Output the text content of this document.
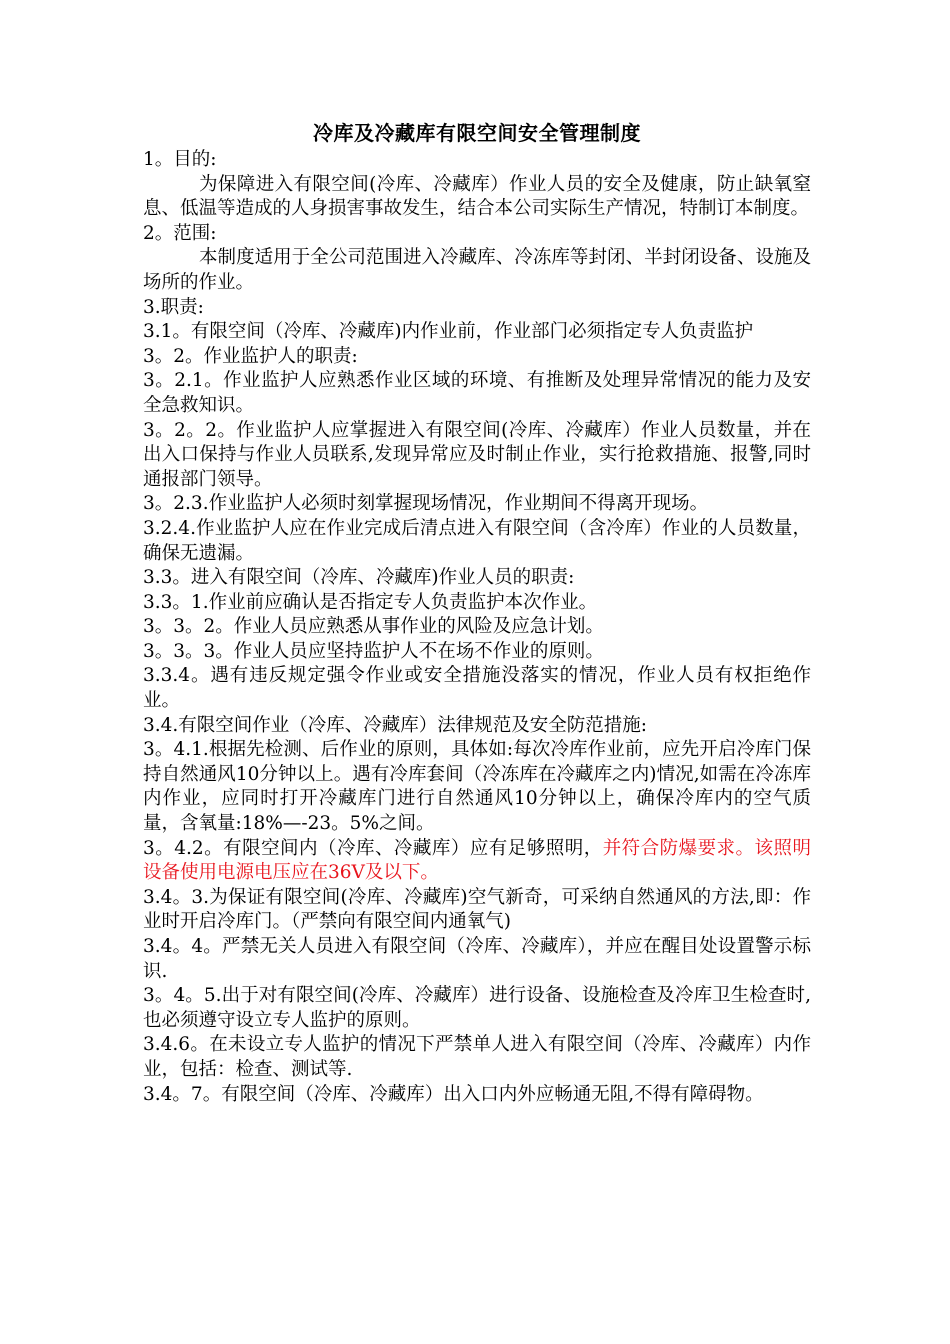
冷库及冷藏库有限空间安全管理制度

1。目的:

为保障进入有限空间(冷库、冷藏库）作业人员的安全及健康，防止缺氧窒息、低温等造成的人身损害事故发生，结合本公司实际生产情况，特制订本制度。

2。范围:

本制度适用于全公司范围进入冷藏库、冷冻库等封闭、半封闭设备、设施及场所的作业。

3.职责:

3.1。有限空间（冷库、冷藏库)内作业前，作业部门必须指定专人负责监护

3。2。作业监护人的职责:

3。2.1。作业监护人应熟悉作业区域的环境、有推断及处理异常情况的能力及安全急救知识。

3。2。2。作业监护人应掌握进入有限空间(冷库、冷藏库）作业人员数量，并在出入口保持与作业人员联系,发现异常应及时制止作业，实行抢救措施、报警,同时通报部门领导。

3。2.3.作业监护人必须时刻掌握现场情况，作业期间不得离开现场。

3.2.4.作业监护人应在作业完成后清点进入有限空间（含冷库）作业的人员数量，确保无遗漏。

3.3。进入有限空间（冷库、冷藏库)作业人员的职责:

3.3。1.作业前应确认是否指定专人负责监护本次作业。

3。3。2。作业人员应熟悉从事作业的风险及应急计划。

3。3。3。作业人员应坚持监护人不在场不作业的原则。

3.3.4。遇有违反规定强令作业或安全措施没落实的情况，作业人员有权拒绝作业。

3.4.有限空间作业（冷库、冷藏库）法律规范及安全防范措施:

3。4.1.根据先检测、后作业的原则，具体如:每次冷库作业前，应先开启冷库门保持自然通风10分钟以上。遇有冷库套间（冷冻库在冷藏库之内)情况,如需在冷冻库内作业，应同时打开冷藏库门进行自然通风10分钟以上，确保冷库内的空气质量，含氧量:18%—-23。5%之间。

3。4.2。有限空间内（冷库、冷藏库）应有足够照明，并符合防爆要求。该照明设备使用电源电压应在36V及以下。

3.4。3.为保证有限空间(冷库、冷藏库)空气新奇，可采纳自然通风的方法,即：作业时开启冷库门。（严禁向有限空间内通氧气)

3.4。4。严禁无关人员进入有限空间（冷库、冷藏库），并应在醒目处设置警示标识.

3。4。5.出于对有限空间(冷库、冷藏库）进行设备、设施检查及冷库卫生检查时,也必须遵守设立专人监护的原则。

3.4.6。在未设立专人监护的情况下严禁单人进入有限空间（冷库、冷藏库）内作业，包括：检查、测试等.

3.4。7。有限空间（冷库、冷藏库）出入口内外应畅通无阻,不得有障碍物。
